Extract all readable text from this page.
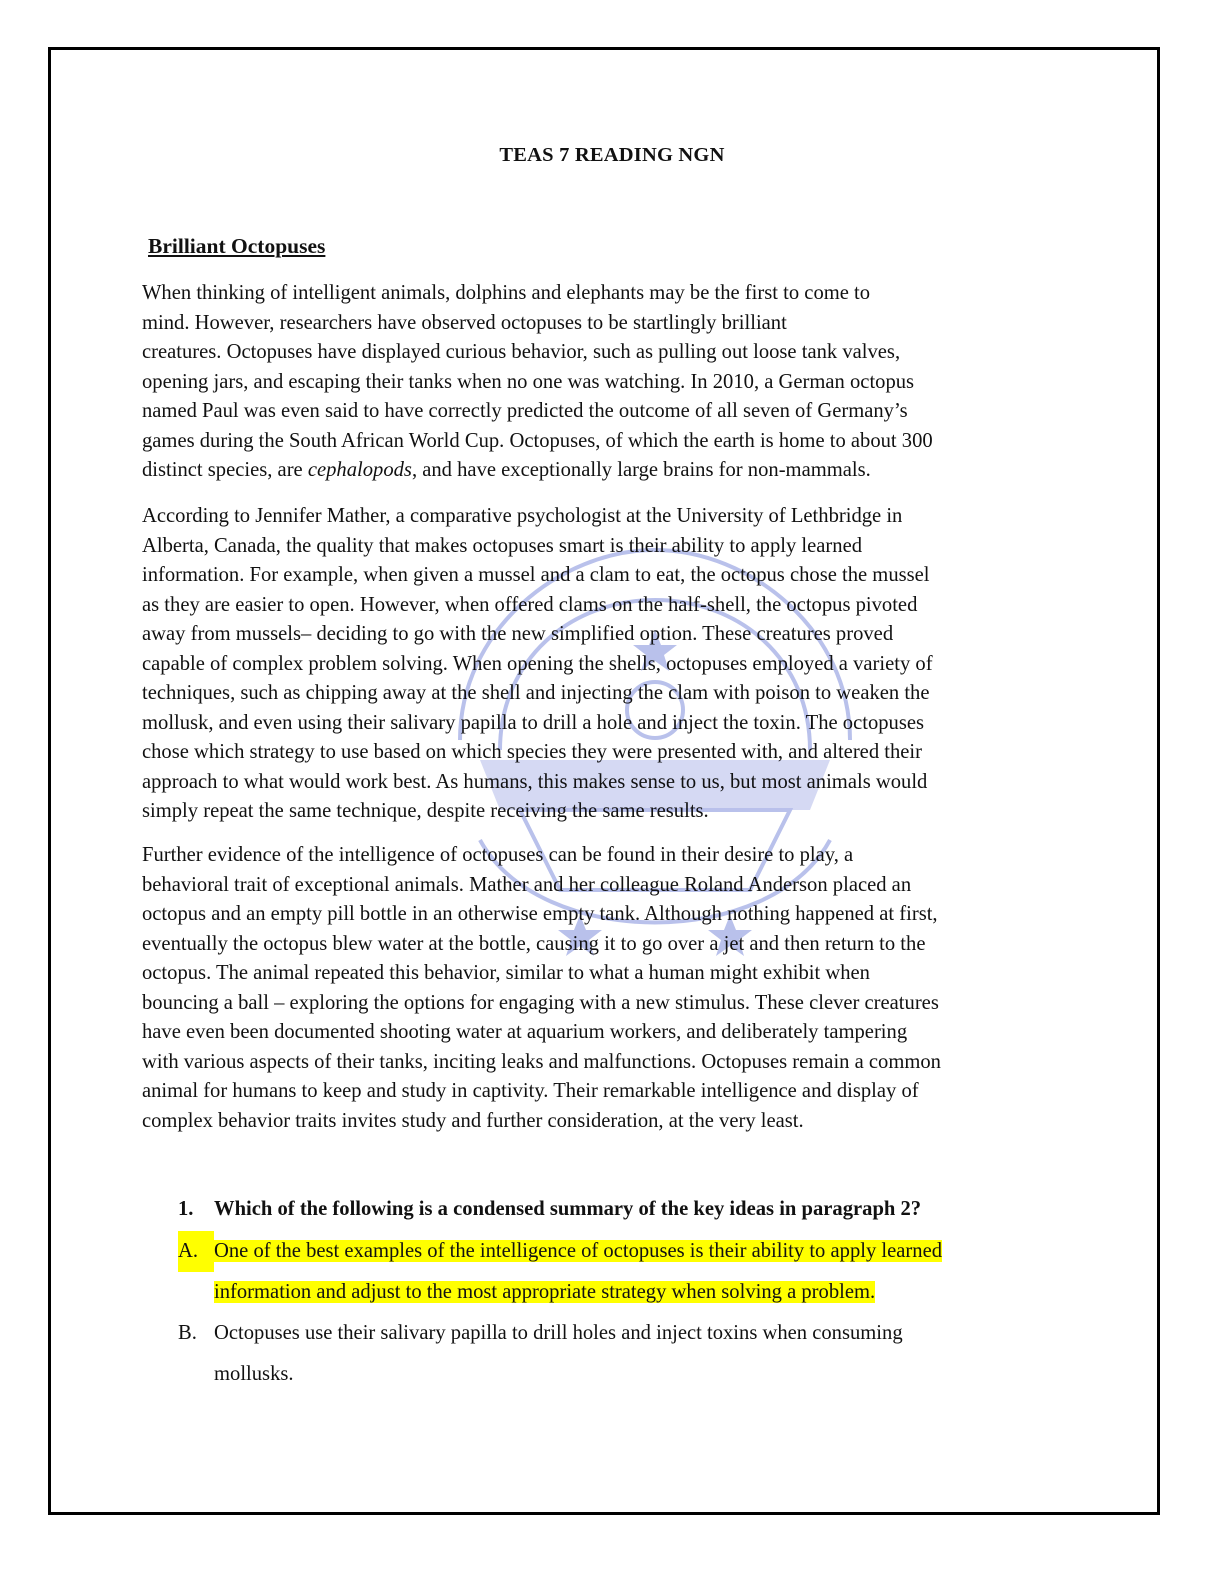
TEAS 7 READING NGN
Brilliant Octopuses

When thinking of intelligent animals, dolphins and elephants may be the first to come to
mind. However, researchers have observed octopuses to be startlingly brilliant
creatures. Octopuses have displayed curious behavior, such as pulling out loose tank valves,
opening jars, and escaping their tanks when no one was watching. In 2010, a German octopus
named Paul was even said to have correctly predicted the outcome of all seven of Germany’s
games during the South African World Cup. Octopuses, of which the earth is home to about 300
distinct species, are cephalopods, and have exceptionally large brains for non-mammals.

According to Jennifer Mather, a comparative psychologist at the University of Lethbridge in
Alberta, Canada, the quality that makes octopuses smart is their ability to apply learned
information. For example, when given a mussel and a clam to eat, the octopus chose the mussel
as they are easier to open. However, when offered clams on the half-shell, the octopus pivoted
away from mussels– deciding to go with the new simplified option. These creatures proved
capable of complex problem solving. When opening the shells, octopuses employed a variety of
techniques, such as chipping away at the shell and injecting the clam with poison to weaken the
mollusk, and even using their salivary papilla to drill a hole and inject the toxin. The octopuses
chose which strategy to use based on which species they were presented with, and altered their
approach to what would work best. As humans, this makes sense to us, but most animals would
simply repeat the same technique, despite receiving the same results.

Further evidence of the intelligence of octopuses can be found in their desire to play, a
behavioral trait of exceptional animals. Mather and her colleague Roland Anderson placed an
octopus and an empty pill bottle in an otherwise empty tank. Although nothing happened at first,
eventually the octopus blew water at the bottle, causing it to go over a jet and then return to the
octopus. The animal repeated this behavior, similar to what a human might exhibit when
bouncing a ball – exploring the options for engaging with a new stimulus. These clever creatures
have even been documented shooting water at aquarium workers, and deliberately tampering
with various aspects of their tanks, inciting leaks and malfunctions. Octopuses remain a common
animal for humans to keep and study in captivity. Their remarkable intelligence and display of
complex behavior traits invites study and further consideration, at the very least.

1. Which of the following is a condensed summary of the key ideas in paragraph 2?

A. One of the best examples of the intelligence of octopuses is their ability to apply learned
information and adjust to the most appropriate strategy when solving a problem.
B. Octopuses use their salivary papilla to drill holes and inject toxins when consuming
mollusks.
